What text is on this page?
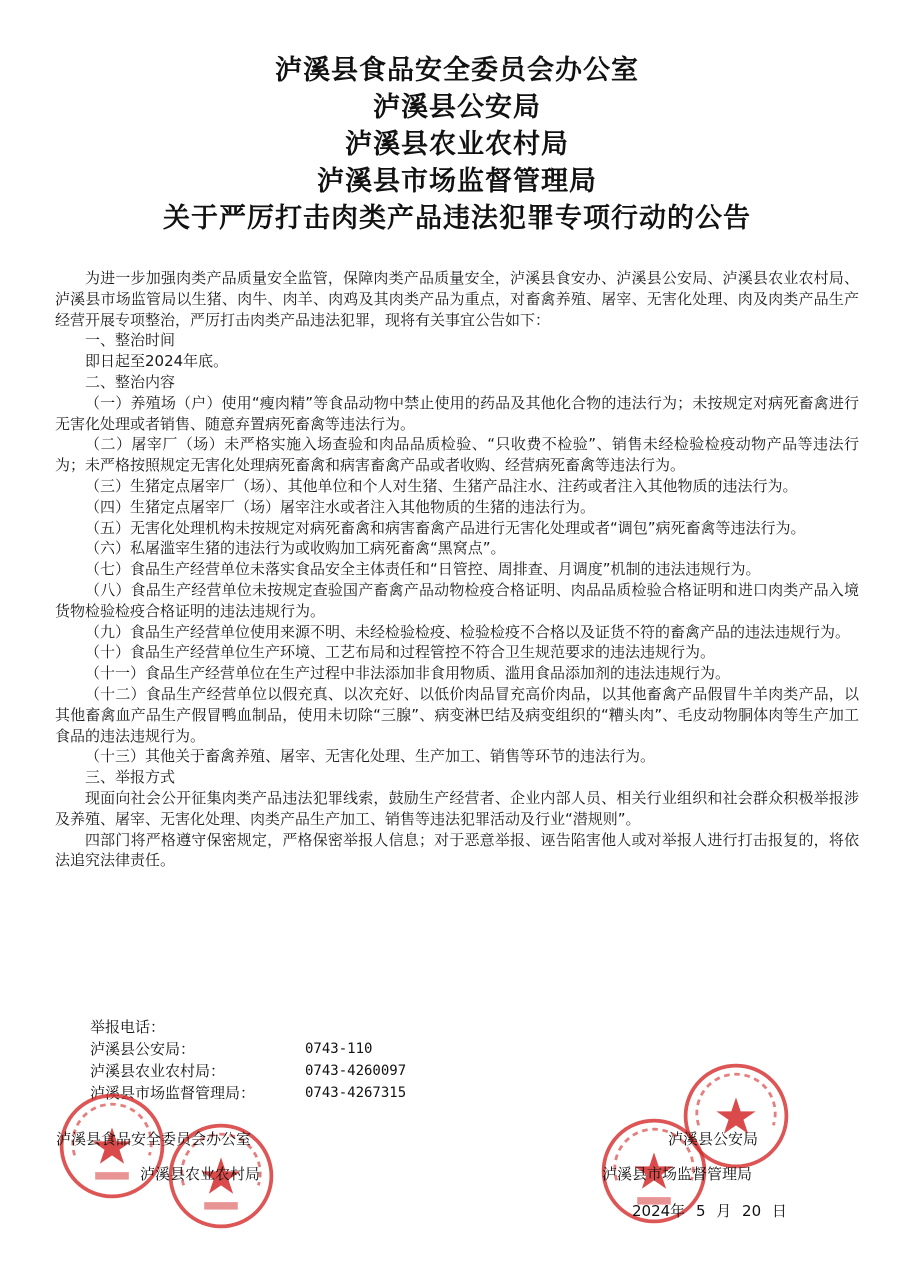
泸溪县食品安全委员会办公室
泸溪县公安局
泸溪县农业农村局
泸溪县市场监督管理局
关于严厉打击肉类产品违法犯罪专项行动的公告

为进一步加强肉类产品质量安全监管，保障肉类产品质量安全，泸溪县食安办、泸溪县公安局、泸溪县农业农村局、泸溪县市场监管局以生猪、肉牛、肉羊、肉鸡及其肉类产品为重点，对畜禽养殖、屠宰、无害化处理、肉及肉类产品生产经营开展专项整治，严厉打击肉类产品违法犯罪，现将有关事宜公告如下：

一、整治时间

即日起至2024年底。

二、整治内容

（一）养殖场（户）使用“瘦肉精”等食品动物中禁止使用的药品及其他化合物的违法行为；未按规定对病死畜禽进行无害化处理或者销售、随意弃置病死畜禽等违法行为。

（二）屠宰厂（场）未严格实施入场查验和肉品品质检验、“只收费不检验”、销售未经检验检疫动物产品等违法行为；未严格按照规定无害化处理病死畜禽和病害畜禽产品或者收购、经营病死畜禽等违法行为。

（三）生猪定点屠宰厂（场）、其他单位和个人对生猪、生猪产品注水、注药或者注入其他物质的违法行为。

（四）生猪定点屠宰厂（场）屠宰注水或者注入其他物质的生猪的违法行为。

（五）无害化处理机构未按规定对病死畜禽和病害畜禽产品进行无害化处理或者“调包”病死畜禽等违法行为。

（六）私屠滥宰生猪的违法行为或收购加工病死畜禽“黑窝点”。

（七）食品生产经营单位未落实食品安全主体责任和“日管控、周排查、月调度”机制的违法违规行为。

（八）食品生产经营单位未按规定查验国产畜禽产品动物检疫合格证明、肉品品质检验合格证明和进口肉类产品入境货物检验检疫合格证明的违法违规行为。

（九）食品生产经营单位使用来源不明、未经检验检疫、检验检疫不合格以及证货不符的畜禽产品的违法违规行为。

（十）食品生产经营单位生产环境、工艺布局和过程管控不符合卫生规范要求的违法违规行为。

（十一）食品生产经营单位在生产过程中非法添加非食用物质、滥用食品添加剂的违法违规行为。

（十二）食品生产经营单位以假充真、以次充好、以低价肉品冒充高价肉品，以其他畜禽产品假冒牛羊肉类产品，以其他畜禽血产品生产假冒鸭血制品，使用未切除“三腺”、病变淋巴结及病变组织的“糟头肉”、毛皮动物胴体肉等生产加工食品的违法违规行为。

（十三）其他关于畜禽养殖、屠宰、无害化处理、生产加工、销售等环节的违法行为。

三、举报方式

现面向社会公开征集肉类产品违法犯罪线索，鼓励生产经营者、企业内部人员、相关行业组织和社会群众积极举报涉及养殖、屠宰、无害化处理、肉类产品生产加工、销售等违法犯罪活动及行业“潜规则”。

四部门将严格遵守保密规定，严格保密举报人信息；对于恶意举报、诬告陷害他人或对举报人进行打击报复的，将依法追究法律责任。

举报电话：
泸溪县公安局：	0743-110
泸溪县农业农村局：	0743-4260097
泸溪县市场监督管理局：	0743-4267315
泸溪县食品安全委员会办公室
泸溪县农业农村局
泸溪县公安局
泸溪县市场监督管理局
2024年 5 月 20 日
